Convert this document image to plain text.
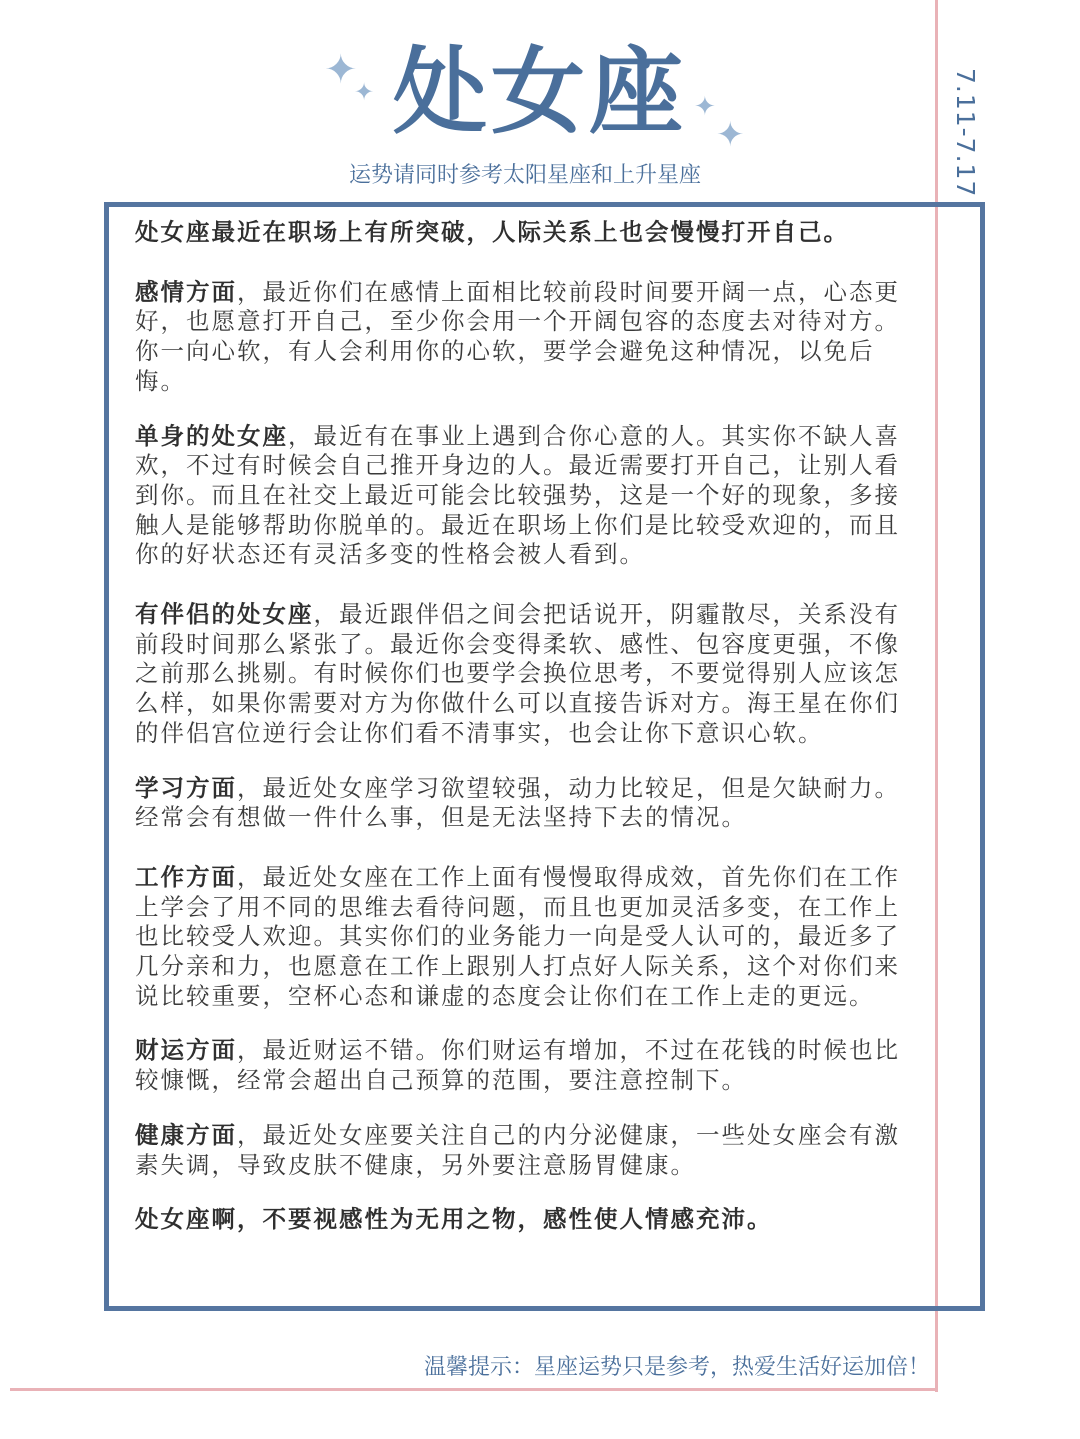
✦
✦	✦
✦
处女座
运势请同时参考太阳星座和上升星座	7.11-7.17

处女座最近在职场上有所突破，人际关系上也会慢慢打开自己。

感情方面，最近你们在感情上面相比较前段时间要开阔一点，心态更好，也愿意打开自己，至少你会用一个开阔包容的态度去对待对方。你一向心软，有人会利用你的心软，要学会避免这种情况，以免后悔。

单身的处女座，最近有在事业上遇到合你心意的人。其实你不缺人喜欢，不过有时候会自己推开身边的人。最近需要打开自己，让别人看到你。而且在社交上最近可能会比较强势，这是一个好的现象，多接触人是能够帮助你脱单的。最近在职场上你们是比较受欢迎的，而且你的好状态还有灵活多变的性格会被人看到。

有伴侣的处女座，最近跟伴侣之间会把话说开，阴霾散尽，关系没有前段时间那么紧张了。最近你会变得柔软、感性、包容度更强，不像之前那么挑剔。有时候你们也要学会换位思考，不要觉得别人应该怎么样，如果你需要对方为你做什么可以直接告诉对方。海王星在你们的伴侣宫位逆行会让你们看不清事实，也会让你下意识心软。

学习方面，最近处女座学习欲望较强，动力比较足，但是欠缺耐力。经常会有想做一件什么事，但是无法坚持下去的情况。

工作方面，最近处女座在工作上面有慢慢取得成效，首先你们在工作上学会了用不同的思维去看待问题，而且也更加灵活多变，在工作上也比较受人欢迎。其实你们的业务能力一向是受人认可的，最近多了几分亲和力，也愿意在工作上跟别人打点好人际关系，这个对你们来说比较重要，空杯心态和谦虚的态度会让你们在工作上走的更远。

财运方面，最近财运不错。你们财运有增加，不过在花钱的时候也比较慷慨，经常会超出自己预算的范围，要注意控制下。

健康方面，最近处女座要关注自己的内分泌健康，一些处女座会有激素失调，导致皮肤不健康，另外要注意肠胃健康。

处女座啊，不要视感性为无用之物，感性使人情感充沛。

温馨提示：星座运势只是参考，热爱生活好运加倍！
